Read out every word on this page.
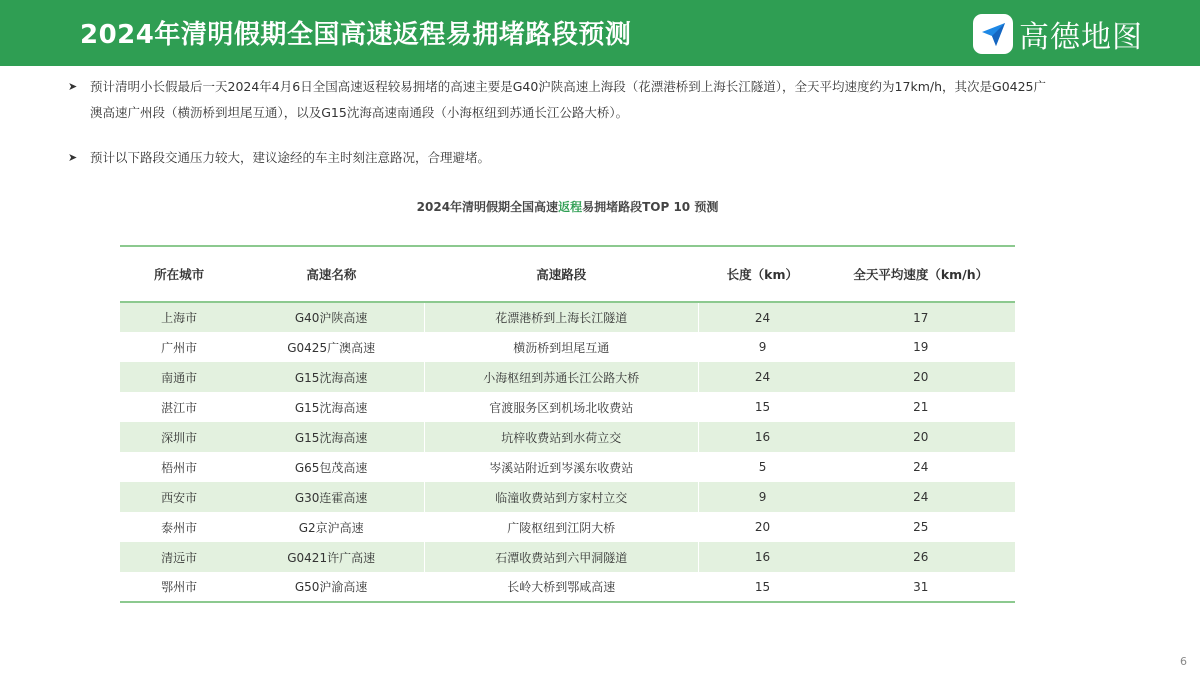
2024年清明假期全国高速返程易拥堵路段预测	高德地图
➤	预计清明小长假最后一天2024年4月6日全国高速返程较易拥堵的高速主要是G40沪陕高速上海段（花漂港桥到上海长江隧道），全天平均速度约为17km/h，其次是G0425广澳高速广州段（横沥桥到坦尾互通），以及G15沈海高速南通段（小海枢纽到苏通长江公路大桥）。
➤	预计以下路段交通压力较大，建议途经的车主时刻注意路况，合理避堵。
2024年清明假期全国高速返程易拥堵路段TOP 10 预测
所在城市	高速名称	高速路段	长度（km）	全天平均速度（km/h）
上海市	G40沪陕高速	花漂港桥到上海长江隧道	24	17
广州市	G0425广澳高速	横沥桥到坦尾互通	9	19
南通市	G15沈海高速	小海枢纽到苏通长江公路大桥	24	20
湛江市	G15沈海高速	官渡服务区到机场北收费站	15	21
深圳市	G15沈海高速	坑梓收费站到水荷立交	16	20
梧州市	G65包茂高速	岑溪站附近到岑溪东收费站	5	24
西安市	G30连霍高速	临潼收费站到方家村立交	9	24
泰州市	G2京沪高速	广陵枢纽到江阴大桥	20	25
清远市	G0421许广高速	石潭收费站到六甲洞隧道	16	26
鄂州市	G50沪渝高速	长岭大桥到鄂咸高速	15	31
6
